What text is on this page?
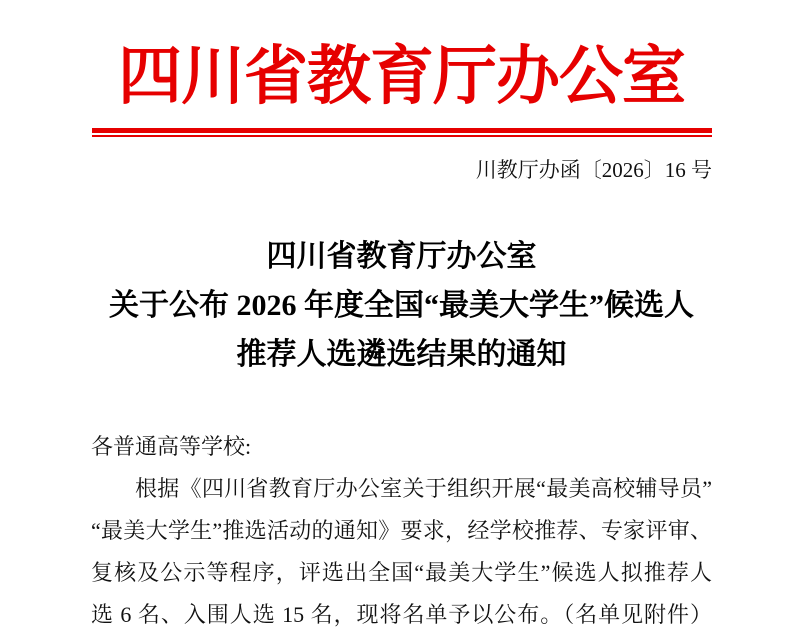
四川省教育厅办公室
川教厅办函〔2026〕16 号
四川省教育厅办公室
关于公布 2026 年度全国“最美大学生”候选人
推荐人选遴选结果的通知
各普通高等学校:
根据《四川省教育厅办公室关于组织开展“最美高校辅导员”
“最美大学生”推选活动的通知》要求，经学校推荐、专家评审、
复核及公示等程序，评选出全国“最美大学生”候选人拟推荐人
选 6 名、入围人选 15 名，现将名单予以公布。（名单见附件）
